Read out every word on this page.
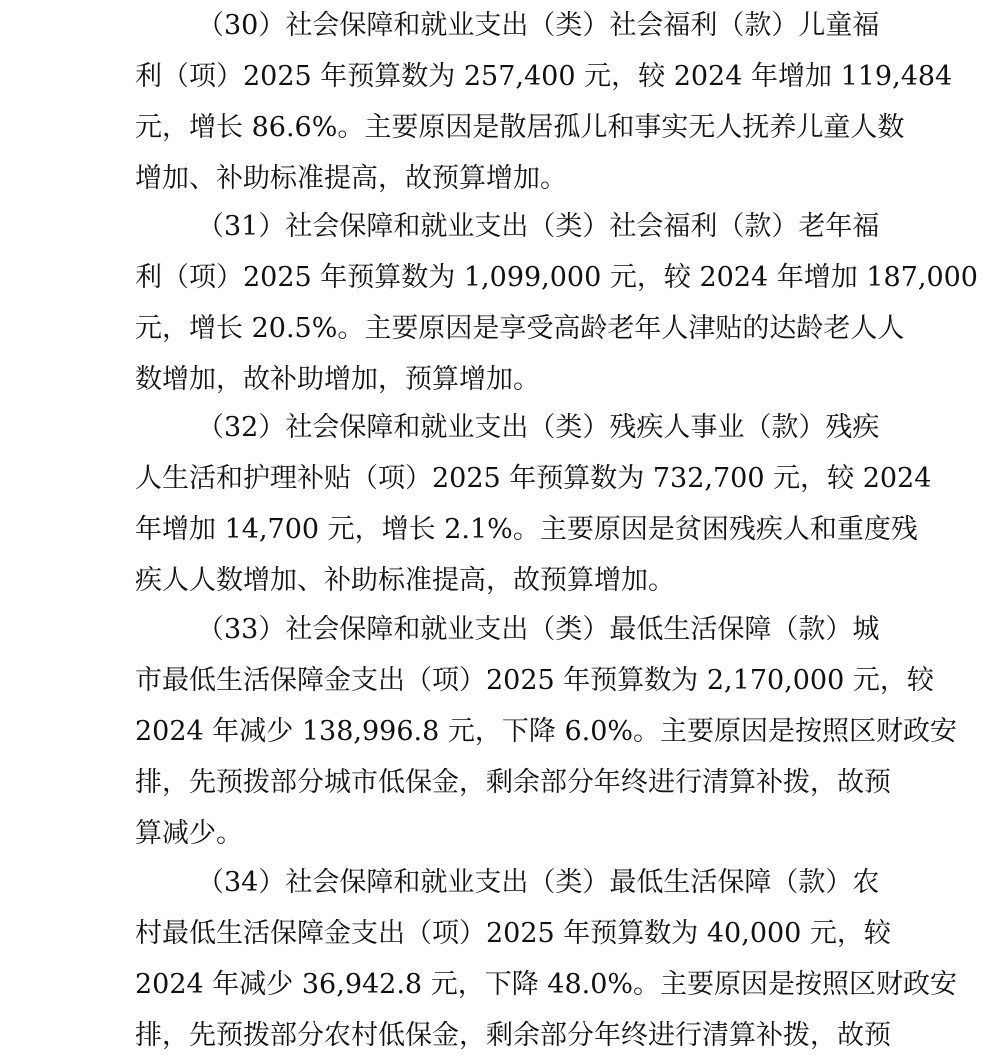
（30）社会保障和就业支出（类）社会福利（款）儿童福
利（项）2025 年预算数为 257,400 元，较 2024 年增加 119,484
元，增长 86.6%。主要原因是散居孤儿和事实无人抚养儿童人数
增加、补助标准提高，故预算增加。
（31）社会保障和就业支出（类）社会福利（款）老年福
利（项）2025 年预算数为 1,099,000 元，较 2024 年增加 187,000
元，增长 20.5%。主要原因是享受高龄老年人津贴的达龄老人人
数增加，故补助增加，预算增加。
（32）社会保障和就业支出（类）残疾人事业（款）残疾
人生活和护理补贴（项）2025 年预算数为 732,700 元，较 2024
年增加 14,700 元，增长 2.1%。主要原因是贫困残疾人和重度残
疾人人数增加、补助标准提高，故预算增加。
（33）社会保障和就业支出（类）最低生活保障（款）城
市最低生活保障金支出（项）2025 年预算数为 2,170,000 元，较
2024 年减少 138,996.8 元，下降 6.0%。主要原因是按照区财政安
排，先预拨部分城市低保金，剩余部分年终进行清算补拨，故预
算减少。
（34）社会保障和就业支出（类）最低生活保障（款）农
村最低生活保障金支出（项）2025 年预算数为 40,000 元，较
2024 年减少 36,942.8 元，下降 48.0%。主要原因是按照区财政安
排，先预拨部分农村低保金，剩余部分年终进行清算补拨，故预
